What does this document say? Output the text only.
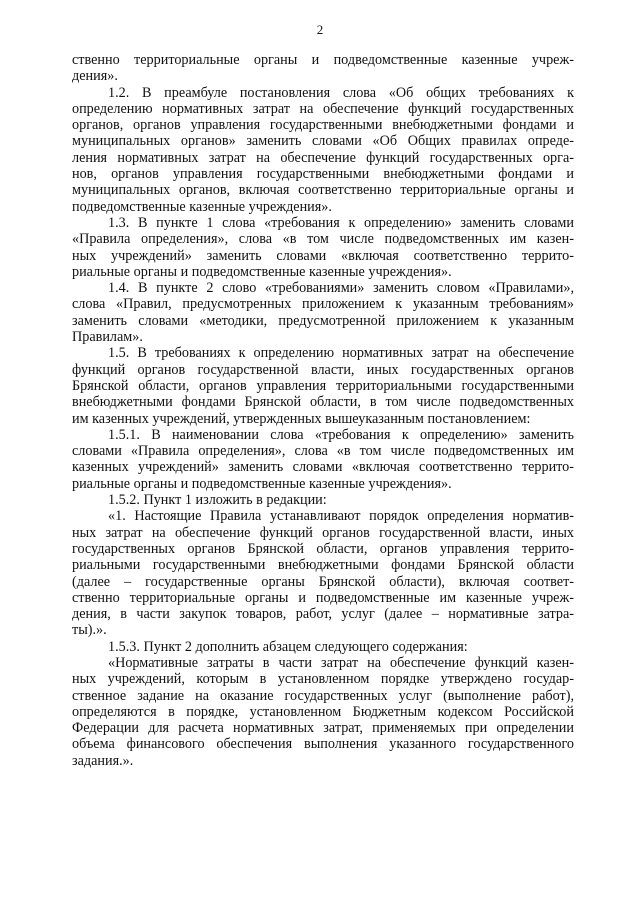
2
ственно территориальные органы и подведомственные казенные учреж-
дения».
1.2. В преамбуле постановления слова «Об общих требованиях к
определению нормативных затрат на обеспечение функций государственных
органов, органов управления государственными внебюджетными фондами и
муниципальных органов» заменить словами «Об Общих правилах опреде-
ления нормативных затрат на обеспечение функций государственных орга-
нов, органов управления государственными внебюджетными фондами и
муниципальных органов, включая соответственно территориальные органы и
подведомственные казенные учреждения».
1.3. В пункте 1 слова «требования к определению» заменить словами
«Правила определения», слова «в том числе подведомственных им казен-
ных учреждений» заменить словами «включая соответственно террито-
риальные органы и подведомственные казенные учреждения».
1.4. В пункте 2 слово «требованиями» заменить словом «Правилами»,
слова «Правил, предусмотренных приложением к указанным требованиям»
заменить словами «методики, предусмотренной приложением к указанным
Правилам».
1.5. В требованиях к определению нормативных затрат на обеспечение
функций органов государственной власти, иных государственных органов
Брянской области, органов управления территориальными государственными
внебюджетными фондами Брянской области, в том числе подведомственных
им казенных учреждений, утвержденных вышеуказанным постановлением:
1.5.1. В наименовании слова «требования к определению» заменить
словами «Правила определения», слова «в том числе подведомственных им
казенных учреждений» заменить словами «включая соответственно террито-
риальные органы и подведомственные казенные учреждения».
1.5.2. Пункт 1 изложить в редакции:
«1. Настоящие Правила устанавливают порядок определения норматив-
ных затрат на обеспечение функций органов государственной власти, иных
государственных органов Брянской области, органов управления террито-
риальными государственными внебюджетными фондами Брянской области
(далее – государственные органы Брянской области), включая соответ-
ственно территориальные органы и подведомственные им казенные учреж-
дения, в части закупок товаров, работ, услуг (далее – нормативные затра-
ты).».
1.5.3. Пункт 2 дополнить абзацем следующего содержания:
«Нормативные затраты в части затрат на обеспечение функций казен-
ных учреждений, которым в установленном порядке утверждено государ-
ственное задание на оказание государственных услуг (выполнение работ),
определяются в порядке, установленном Бюджетным кодексом Российской
Федерации для расчета нормативных затрат, применяемых при определении
объема финансового обеспечения выполнения указанного государственного
задания.».
